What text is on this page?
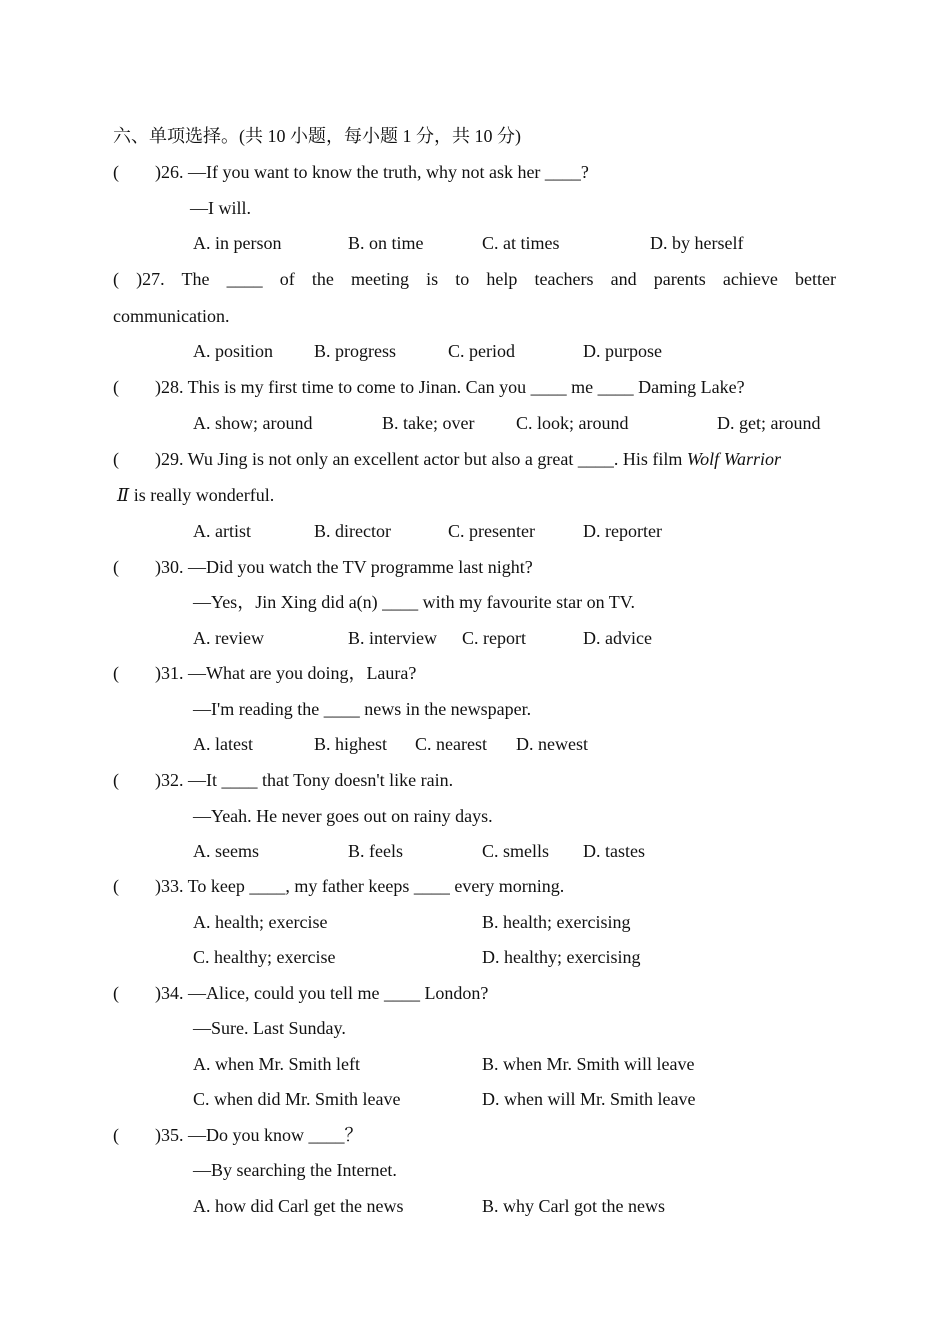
六、单项选择。(共 10 小题，每小题 1 分，共 10 分)
(        )26. —If you want to know the truth, why not ask her ____?
—I will.
A. in person	B. on time	C. at times	D. by herself
( )27. The ____ of the meeting is to help teachers and parents achieve better
communication.
A. position B. progress	C. period	D. purpose
(        )28. This is my first time to come to Jinan. Can you ____ me ____ Daming Lake?
A. show; around	B. take; over C. look; around	D. get; around
(        )29. Wu Jing is not only an excellent actor but also a great ____. His film Wolf Warrior
Ⅱ is really wonderful.
A. artist	B. director	C. presenter	D. reporter
(        )30. —Did you watch the TV programme last night?
—Yes，Jin Xing did a(n) ____ with my favourite star on TV.
A. review	B. interview C. report	D. advice
(        )31. —What are you doing，Laura?
—I'm reading the ____ news in the newspaper.
A. latest	B. highest C. nearest D. newest
(        )32. —It ____ that Tony doesn't like rain.
—Yeah. He never goes out on rainy days.
A. seems	B. feels	C. smells D. tastes
(        )33. To keep ____, my father keeps ____ every morning.
A. health; exercise	B. health; exercising
C. healthy; exercise	D. healthy; exercising
(        )34. —Alice, could you tell me ____ London?
—Sure. Last Sunday.
A. when Mr. Smith left	B. when Mr. Smith will leave
C. when did Mr. Smith leave	D. when will Mr. Smith leave
(        )35. —Do you know ____？
—By searching the Internet.
A. how did Carl get the news	B. why Carl got the news
